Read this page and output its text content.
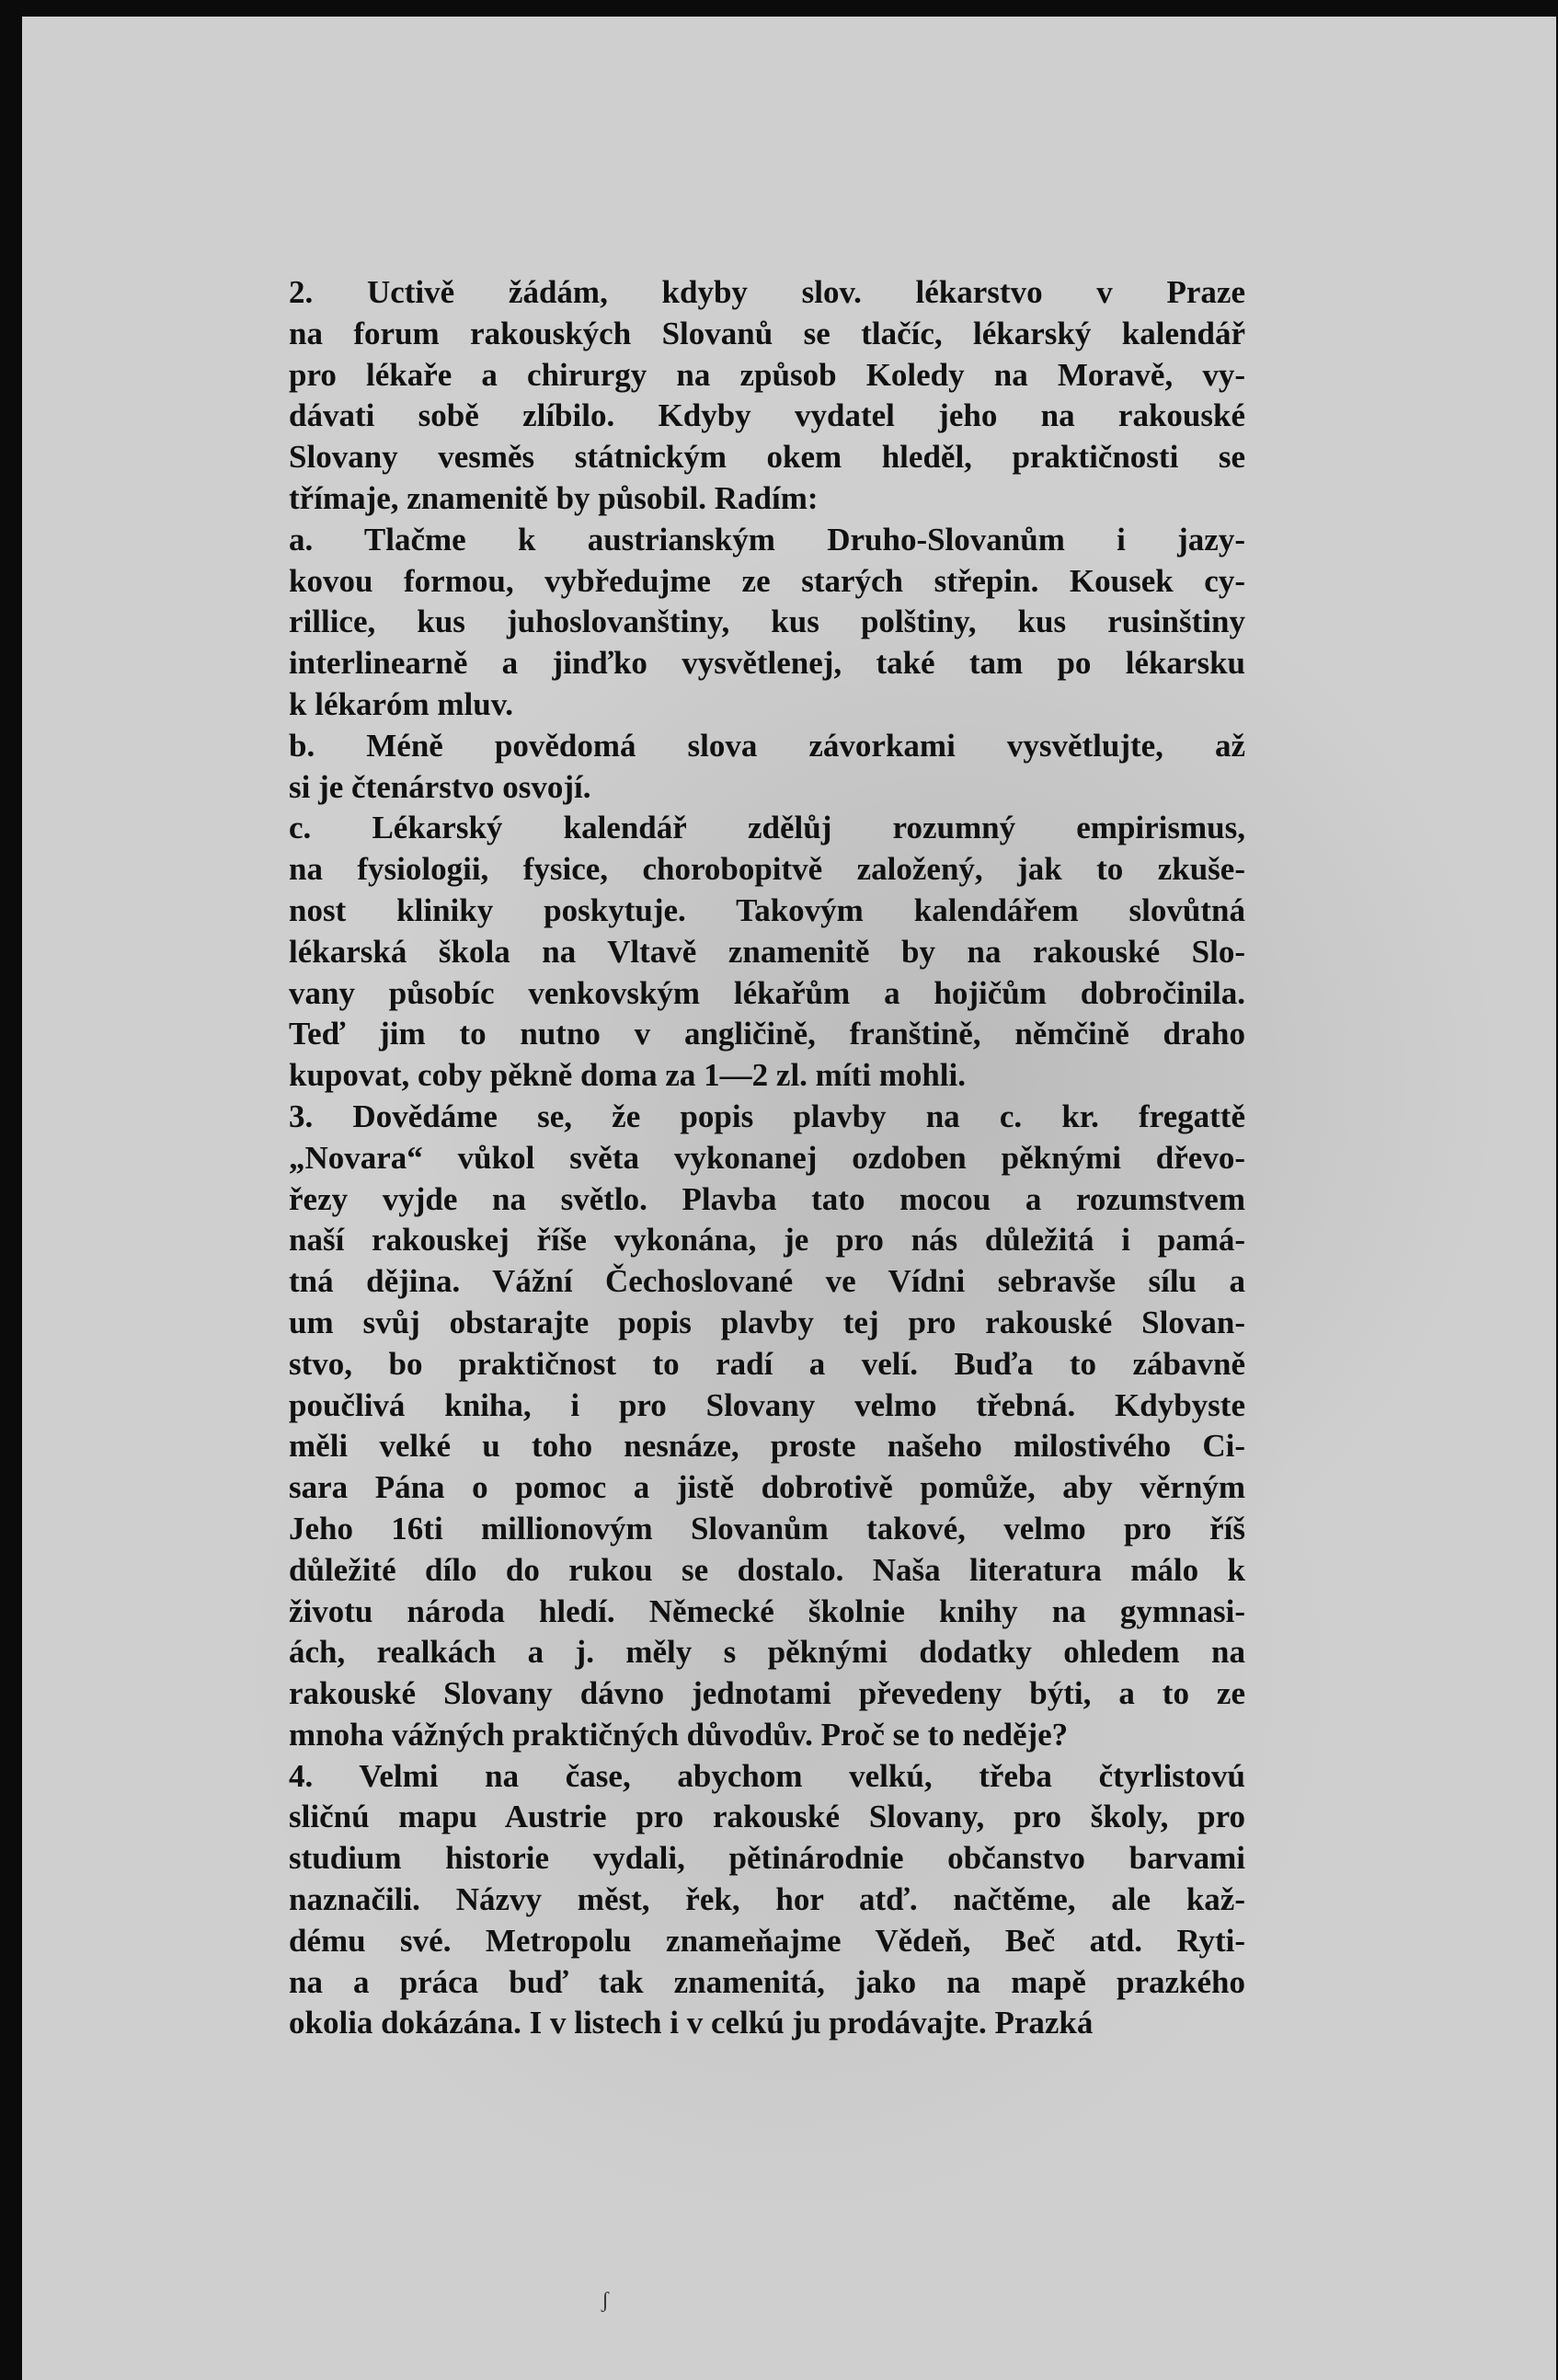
2. Uctivě žádám, kdyby slov. lékarstvo v Praze
na forum rakouských Slovanů se tlačíc, lékarský kalendář
pro lékaře a chirurgy na způsob Koledy na Moravě, vy-
dávati sobě zlíbilo. Kdyby vydatel jeho na rakouské
Slovany vesměs státnickým okem hleděl, praktičnosti se
třímaje, znamenitě by působil. Radím:

a. Tlačme k austrianským Druho-Slovanům i jazy-
kovou formou, vybředujme ze starých střepin. Kousek cy-
rillice, kus juhoslovanštiny, kus polštiny, kus rusinštiny
interlinearně a jinďko vysvětlenej, také tam po lékarsku
k lékaróm mluv.

b. Méně povědomá slova závorkami vysvětlujte, až
si je čtenárstvo osvojí.

c. Lékarský kalendář zdělůj rozumný empirismus,
na fysiologii, fysice, chorobopitvě založený, jak to zkuše-
nost kliniky poskytuje. Takovým kalendářem slovůtná
lékarská škola na Vltavě znamenitě by na rakouské Slo-
vany působíc venkovským lékařům a hojičům dobročinila.
Teď jim to nutno v angličině, franštině, němčině draho
kupovat, coby pěkně doma za 1—2 zl. míti mohli.

3. Dovědáme se, že popis plavby na c. kr. fregattě
„Novara“ vůkol světa vykonanej ozdoben pěknými dřevo-
řezy vyjde na světlo. Plavba tato mocou a rozumstvem
naší rakouskej říše vykonána, je pro nás důležitá i pamá-
tná dějina. Vážní Čechoslované ve Vídni sebravše sílu a
um svůj obstarajte popis plavby tej pro rakouské Slovan-
stvo, bo praktičnost to radí a velí. Buďa to zábavně
poučlivá kniha, i pro Slovany velmo třebná. Kdybyste
měli velké u toho nesnáze, proste našeho milostivého Ci-
sara Pána o pomoc a jistě dobrotivě pomůže, aby věrným
Jeho 16ti millionovým Slovanům takové, velmo pro říš
důležité dílo do rukou se dostalo. Naša literatura málo k
životu národa hledí. Německé školnie knihy na gymnasi-
ách, realkách a j. měly s pěknými dodatky ohledem na
rakouské Slovany dávno jednotami převedeny býti, a to ze
mnoha vážných praktičných důvodův. Proč se to neděje?

4. Velmi na čase, abychom velkú, třeba čtyrlistovú
sličnú mapu Austrie pro rakouské Slovany, pro školy, pro
studium historie vydali, pětinárodnie občanstvo barvami
naznačili. Názvy měst, řek, hor atď. načtěme, ale kaž-
dému své. Metropolu znameňajme Vědeň, Beč atd. Ryti-
na a práca buď tak znamenitá, jako na mapě prazkého
okolia dokázána. I v listech i v celkú ju prodávajte. Prazká

ʃ
